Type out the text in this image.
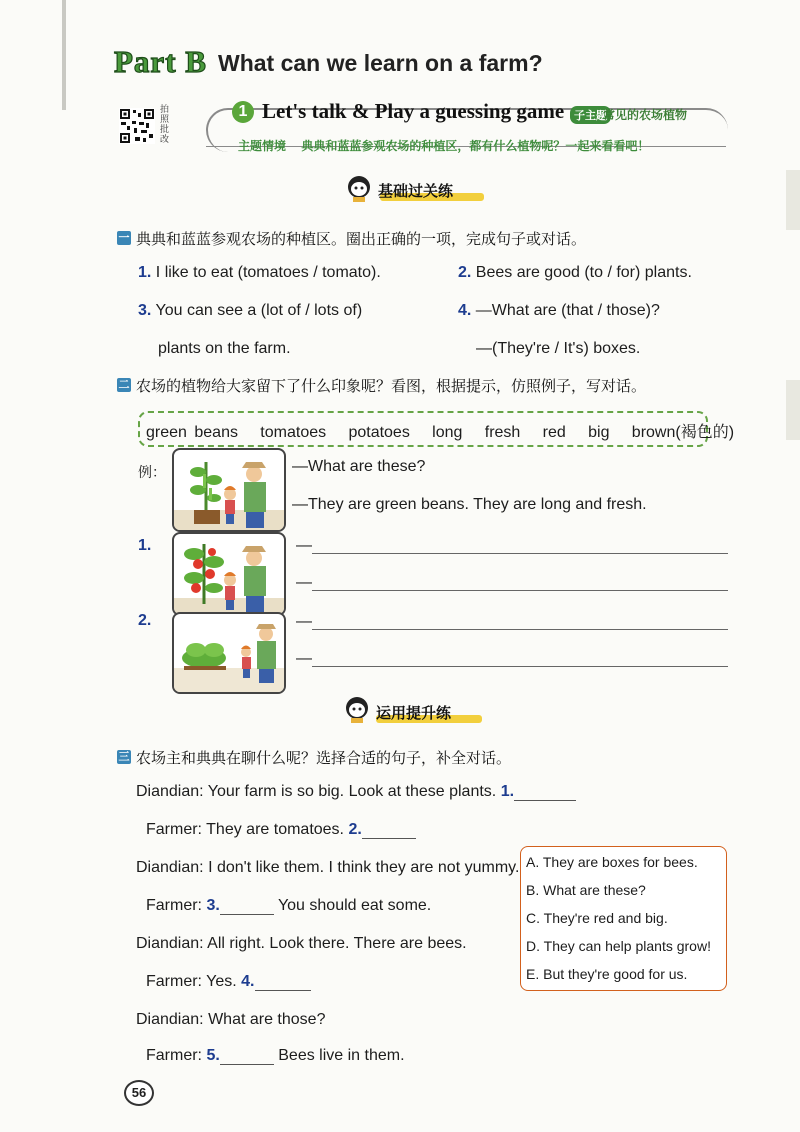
Part B What can we learn on a farm?
拍照批改
1 Let's talk & Play a guessing game 子主题
常见的农场植物
主题情境 典典和蓝蓝参观农场的种植区，都有什么植物呢？一起来看看吧！
基础过关练
一 典典和蓝蓝参观农场的种植区。圈出正确的一项，完成句子或对话。
1. I like to eat (tomatoes / tomato).	2. Bees are good (to / for) plants.
3. You can see a (lot of / lots of)
plants on the farm.
4. —What are (that / those)?
—(They're / It's) boxes.
二 农场的植物给大家留下了什么印象呢？看图，根据提示，仿照例子，写对话。
green beans   tomatoes   potatoes   long   fresh   red   big   brown(褐色的)
例：	—What are these?
—They are green beans. They are long and fresh.
1.	—
—
2.	—
—
运用提升练
三 农场主和典典在聊什么呢？选择合适的句子，补全对话。
Diandian: Your farm is so big. Look at these plants. 1.
Farmer: They are tomatoes. 2.
Diandian: I don't like them. I think they are not yummy.
Farmer: 3.	You should eat some.
Diandian: All right. Look there. There are bees.
Farmer: Yes. 4.
Diandian: What are those?
Farmer: 5.	Bees live in them.
A. They are boxes for bees.
B. What are these?
C. They're red and big.
D. They can help plants grow!
E. But they're good for us.
56
